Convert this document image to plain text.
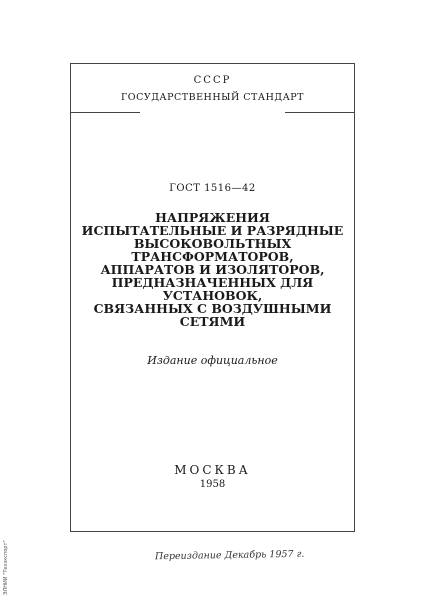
СССР
ГОСУДАРСТВЕННЫЙ СТАНДАРТ
ГОСТ 1516—42
НАПРЯЖЕНИЯ
ИСПЫТАТЕЛЬНЫЕ И РАЗРЯДНЫЕ
ВЫСОКОВОЛЬТНЫХ ТРАНСФОРМАТОРОВ,
АППАРАТОВ И ИЗОЛЯТОРОВ,
ПРЕДНАЗНАЧЕННЫХ ДЛЯ УСТАНОВОК,
СВЯЗАННЫХ С ВОЗДУШНЫМИ СЕТЯМИ
Издание официальное
МОСКВА
1958
Переиздание Декабрь 1957 г.
ЭЛНИИ "Техэкспорт"
